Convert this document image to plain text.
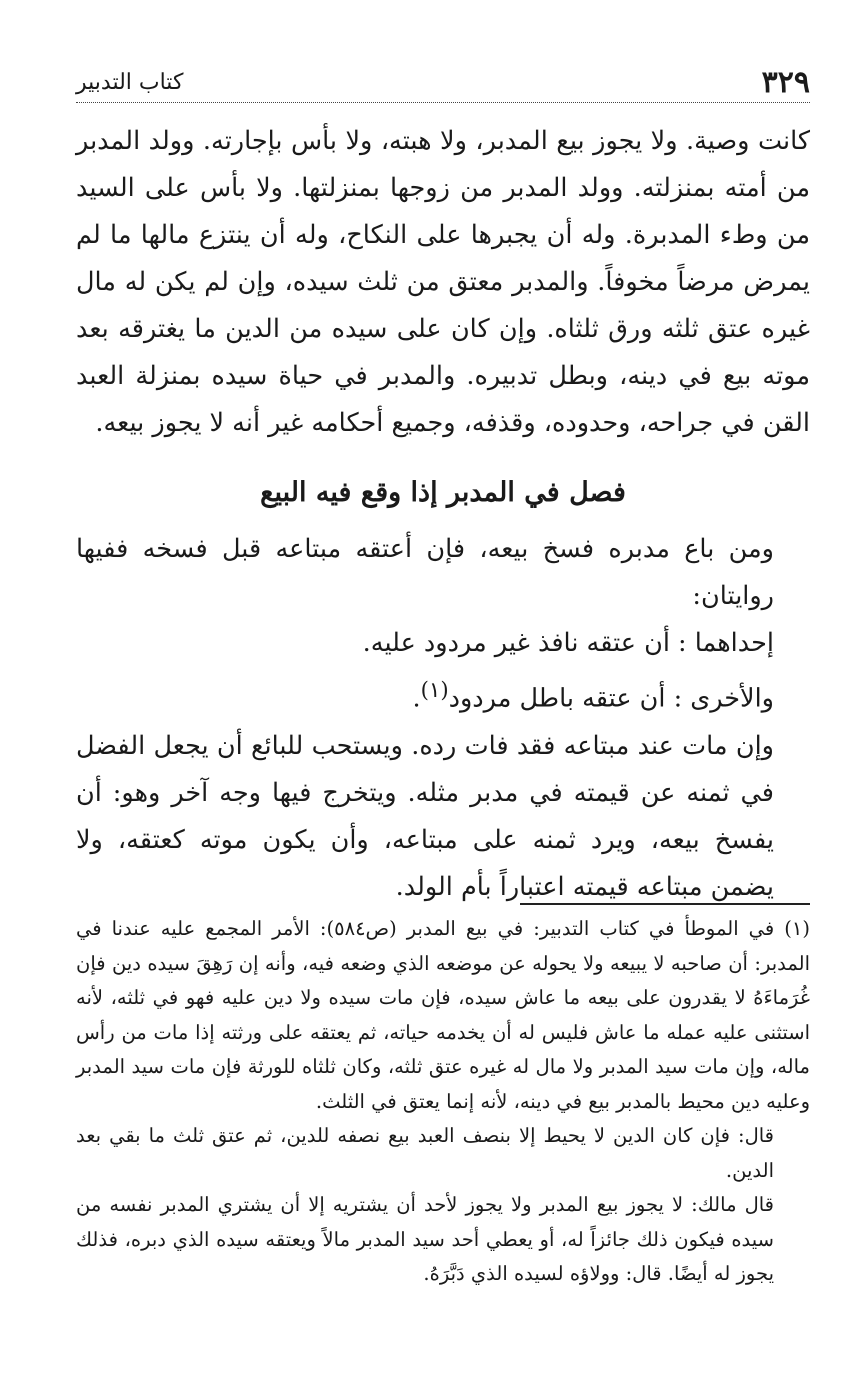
٣٢٩
كتاب التدبير

كانت وصية. ولا يجوز بيع المدبر، ولا هبته، ولا بأس بإجارته. وولد المدبر من أمته بمنزلته. وولد المدبر من زوجها بمنزلتها. ولا بأس على السيد من وطء المدبرة. وله أن يجبرها على النكاح، وله أن ينتزع مالها ما لم يمرض مرضاً مخوفاً. والمدبر معتق من ثلث سيده، وإن لم يكن له مال غيره عتق ثلثه ورق ثلثاه. وإن كان على سيده من الدين ما يغترقه بعد موته بيع في دينه، وبطل تدبيره. والمدبر في حياة سيده بمنزلة العبد القن في جراحه، وحدوده، وقذفه، وجميع أحكامه غير أنه لا يجوز بيعه.

فصل في المدبر إذا وقع فيه البيع

ومن باع مدبره فسخ بيعه، فإن أعتقه مبتاعه قبل فسخه ففيها روايتان:

إحداهما : أن عتقه نافذ غير مردود عليه.

والأخرى : أن عتقه باطل مردود$^{(١)}$.

وإن مات عند مبتاعه فقد فات رده. ويستحب للبائع أن يجعل الفضل في ثمنه عن قيمته في مدبر مثله. ويتخرج فيها وجه آخر وهو: أن يفسخ بيعه، ويرد ثمنه على مبتاعه، وأن يكون موته كعتقه، ولا يضمن مبتاعه قيمته اعتباراً بأم الولد.

(١) في الموطأ في كتاب التدبير: في بيع المدبر (ص٥٨٤): الأمر المجمع عليه عندنا في المدبر: أن صاحبه لا يبيعه ولا يحوله عن موضعه الذي وضعه فيه، وأنه إن رَهِقَ سيده دين فإن غُرَماءَهُ لا يقدرون على بيعه ما عاش سيده، فإن مات سيده ولا دين عليه فهو في ثلثه، لأنه استثنى عليه عمله ما عاش فليس له أن يخدمه حياته، ثم يعتقه على ورثته إذا مات من رأس ماله، وإن مات سيد المدبر ولا مال له غيره عتق ثلثه، وكان ثلثاه للورثة فإن مات سيد المدبر وعليه دين محيط بالمدبر بيع في دينه، لأنه إنما يعتق في الثلث.

قال: فإن كان الدين لا يحيط إلا بنصف العبد بيع نصفه للدين، ثم عتق ثلث ما بقي بعد الدين.

قال مالك: لا يجوز بيع المدبر ولا يجوز لأحد أن يشتريه إلا أن يشتري المدبر نفسه من سيده فيكون ذلك جائزاً له، أو يعطي أحد سيد المدبر مالاً ويعتقه سيده الذي دبره، فذلك يجوز له أيضًا. قال: وولاؤه لسيده الذي دَبَّرَهُ.
